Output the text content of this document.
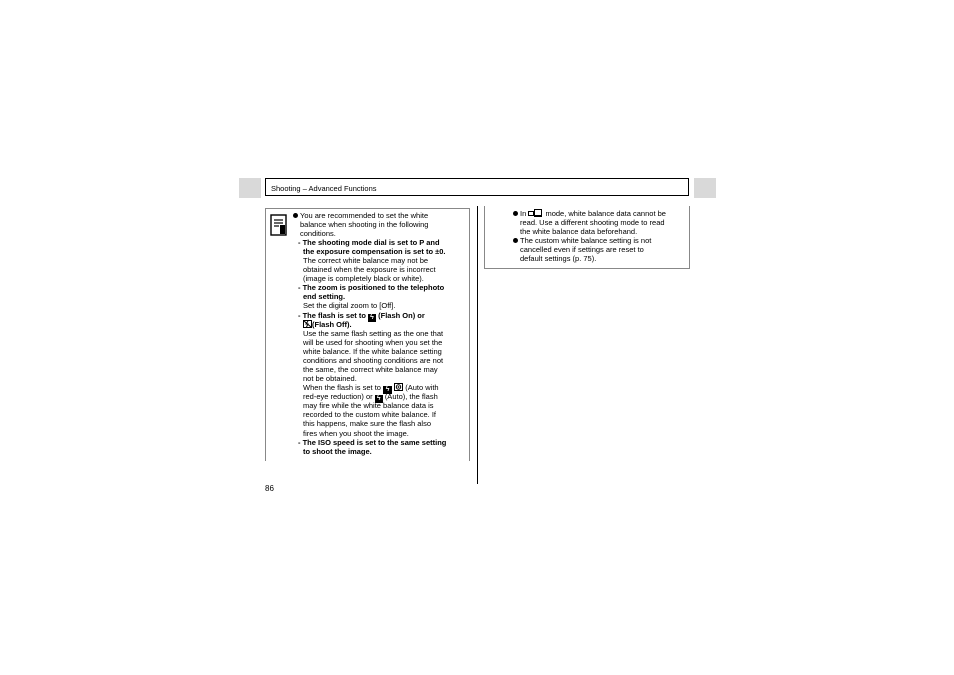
Shooting – Advanced Functions
You are recommended to set the white
balance when shooting in the following
conditions.
- The shooting mode dial is set to P and
the exposure compensation is set to ±0.
The correct white balance may not be
obtained when the exposure is incorrect
(image is completely black or white).
- The zoom is positioned to the telephoto
end setting.
Set the digital zoom to [Off].
- The flash is set to ϟ (Flash On) or
(Flash Off).
Use the same flash setting as the one that
will be used for shooting when you set the
white balance. If the white balance setting
conditions and shooting conditions are not
the same, the correct white balance may
not be obtained.
When the flash is set to ϟ (Auto with
red-eye reduction) or ϟ (Auto), the flash
may fire while the white balance data is
recorded to the custom white balance. If
this happens, make sure the flash also
fires when you shoot the image.
- The ISO speed is set to the same setting
to shoot the image.
In	mode, white balance data cannot be
read. Use a different shooting mode to read
the white balance data beforehand.
The custom white balance setting is not
cancelled even if settings are reset to
default settings (p. 75).
86
